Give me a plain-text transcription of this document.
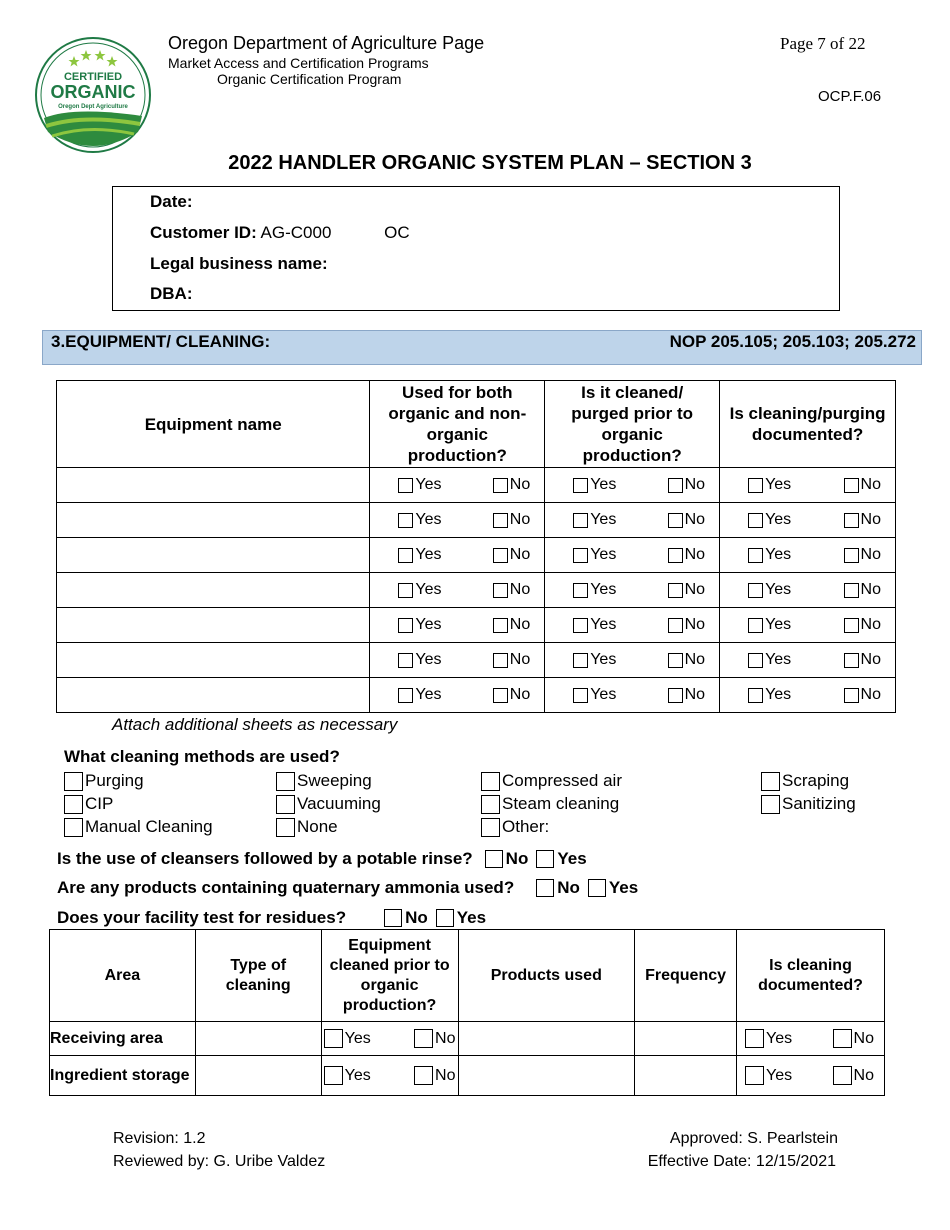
CERTIFIED
ORGANIC
Oregon Dept Agriculture
Oregon Department of Agriculture Page
Market Access and Certification Programs
Organic Certification Program
Page 7 of 22
OCP.F.06
2022 HANDLER ORGANIC SYSTEM PLAN – SECTION 3
Date:
Customer ID: AG-C000	OC
Legal business name:
DBA:
3.EQUIPMENT/ CLEANING:	NOP 205.105; 205.103; 205.272
Equipment name	Used for both organic and non-organic production?	Is it cleaned/ purged prior to organic production?	Is cleaning/purging documented?

	Yes No	Yes No	Yes No

	Yes No	Yes No	Yes No

	Yes No	Yes No	Yes No

	Yes No	Yes No	Yes No

	Yes No	Yes No	Yes No

	Yes No	Yes No	Yes No

	Yes No	Yes No	Yes No
Attach additional sheets as necessary
What cleaning methods are used?
Purging
CIP
Manual Cleaning
Sweeping
Vacuuming
None
Compressed air
Steam cleaning
Other:
Scraping
Sanitizing
Is the use of cleansers followed by a potable rinse? No Yes
Are any products containing quaternary ammonia used?	No Yes
Does your facility test for residues?	No Yes
Area	Type of cleaning	Equipment cleaned prior to organic production?	Products used	Frequency	Is cleaning documented?
Receiving area		Yes No			Yes No

Ingredient storage		Yes No			Yes No
Revision: 1.2
Reviewed by: G. Uribe Valdez
Approved: S. Pearlstein
Effective Date: 12/15/2021
